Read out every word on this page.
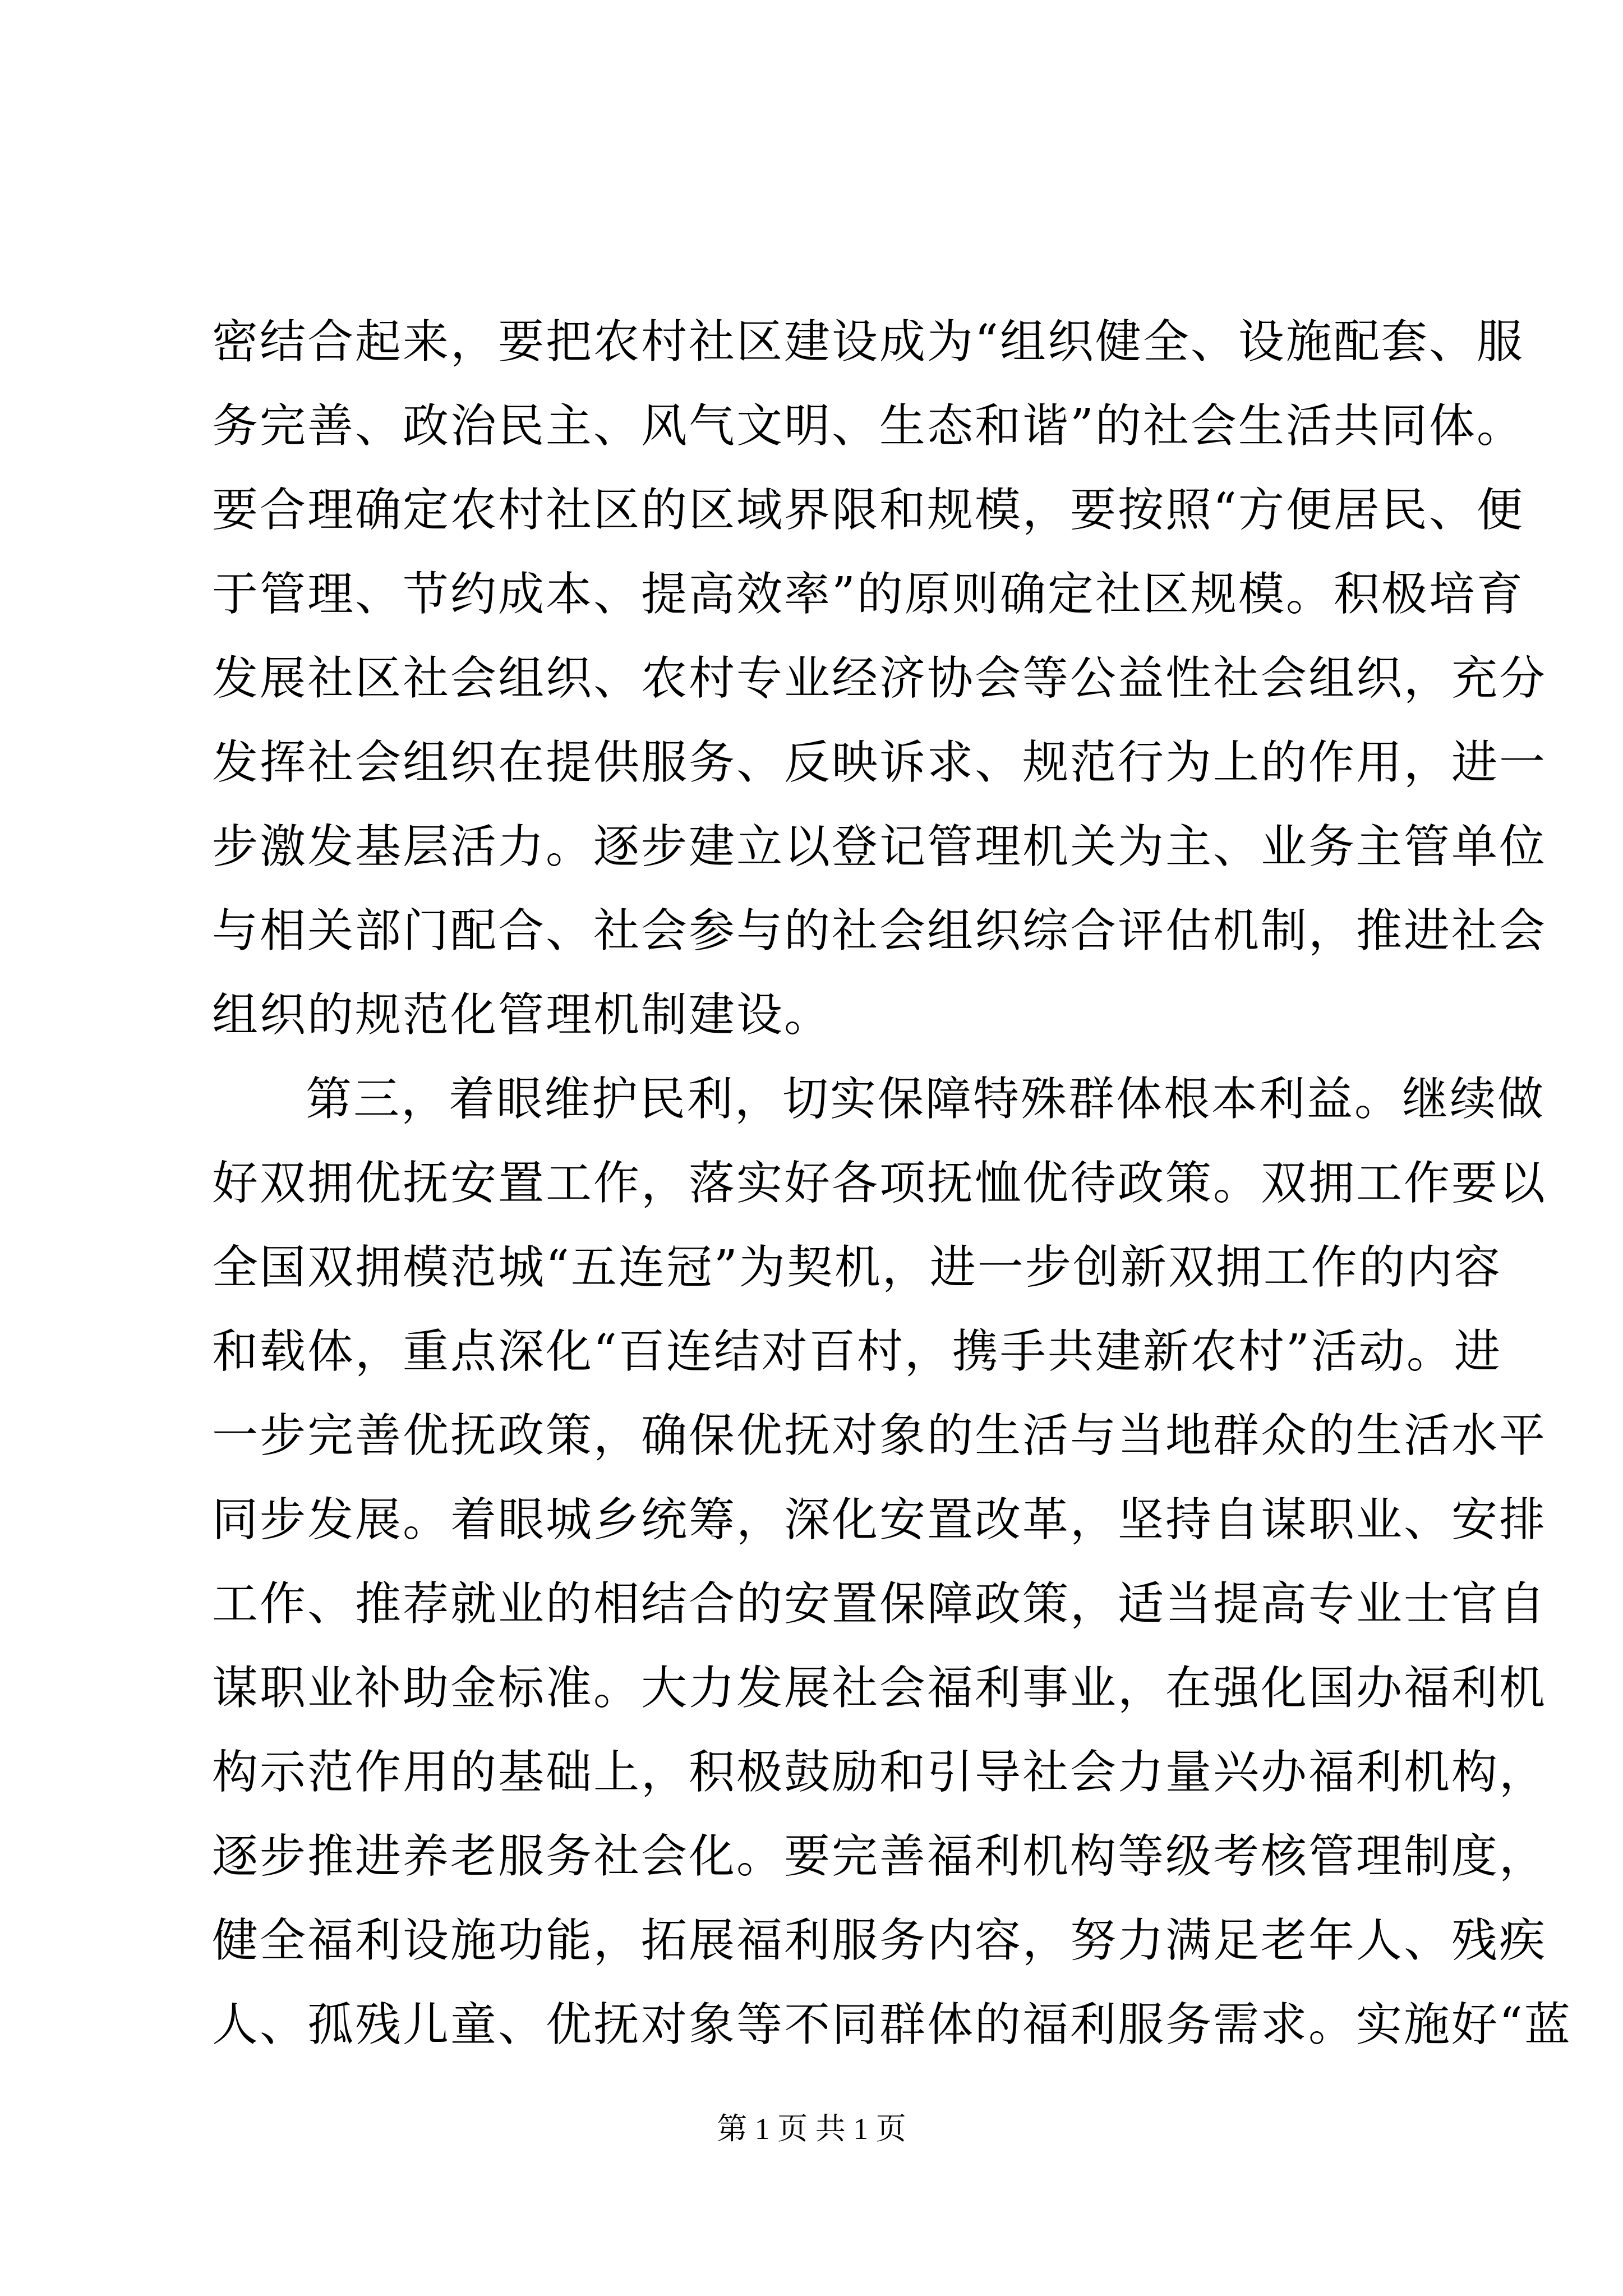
密结合起来，要把农村社区建设成为“组织健全、设施配套、服
务完善、政治民主、风气文明、生态和谐”的社会生活共同体。
要合理确定农村社区的区域界限和规模，要按照“方便居民、便
于管理、节约成本、提高效率”的原则确定社区规模。积极培育
发展社区社会组织、农村专业经济协会等公益性社会组织，充分
发挥社会组织在提供服务、反映诉求、规范行为上的作用，进一
步激发基层活力。逐步建立以登记管理机关为主、业务主管单位
与相关部门配合、社会参与的社会组织综合评估机制，推进社会
组织的规范化管理机制建设。
第三，着眼维护民利，切实保障特殊群体根本利益。继续做
好双拥优抚安置工作，落实好各项抚恤优待政策。双拥工作要以
全国双拥模范城“五连冠”为契机，进一步创新双拥工作的内容
和载体，重点深化“百连结对百村，携手共建新农村”活动。进
一步完善优抚政策，确保优抚对象的生活与当地群众的生活水平
同步发展。着眼城乡统筹，深化安置改革，坚持自谋职业、安排
工作、推荐就业的相结合的安置保障政策，适当提高专业士官自
谋职业补助金标准。大力发展社会福利事业，在强化国办福利机
构示范作用的基础上，积极鼓励和引导社会力量兴办福利机构，
逐步推进养老服务社会化。要完善福利机构等级考核管理制度，
健全福利设施功能，拓展福利服务内容，努力满足老年人、残疾
人、孤残儿童、优抚对象等不同群体的福利服务需求。实施好“蓝
第 1 页 共 1 页
